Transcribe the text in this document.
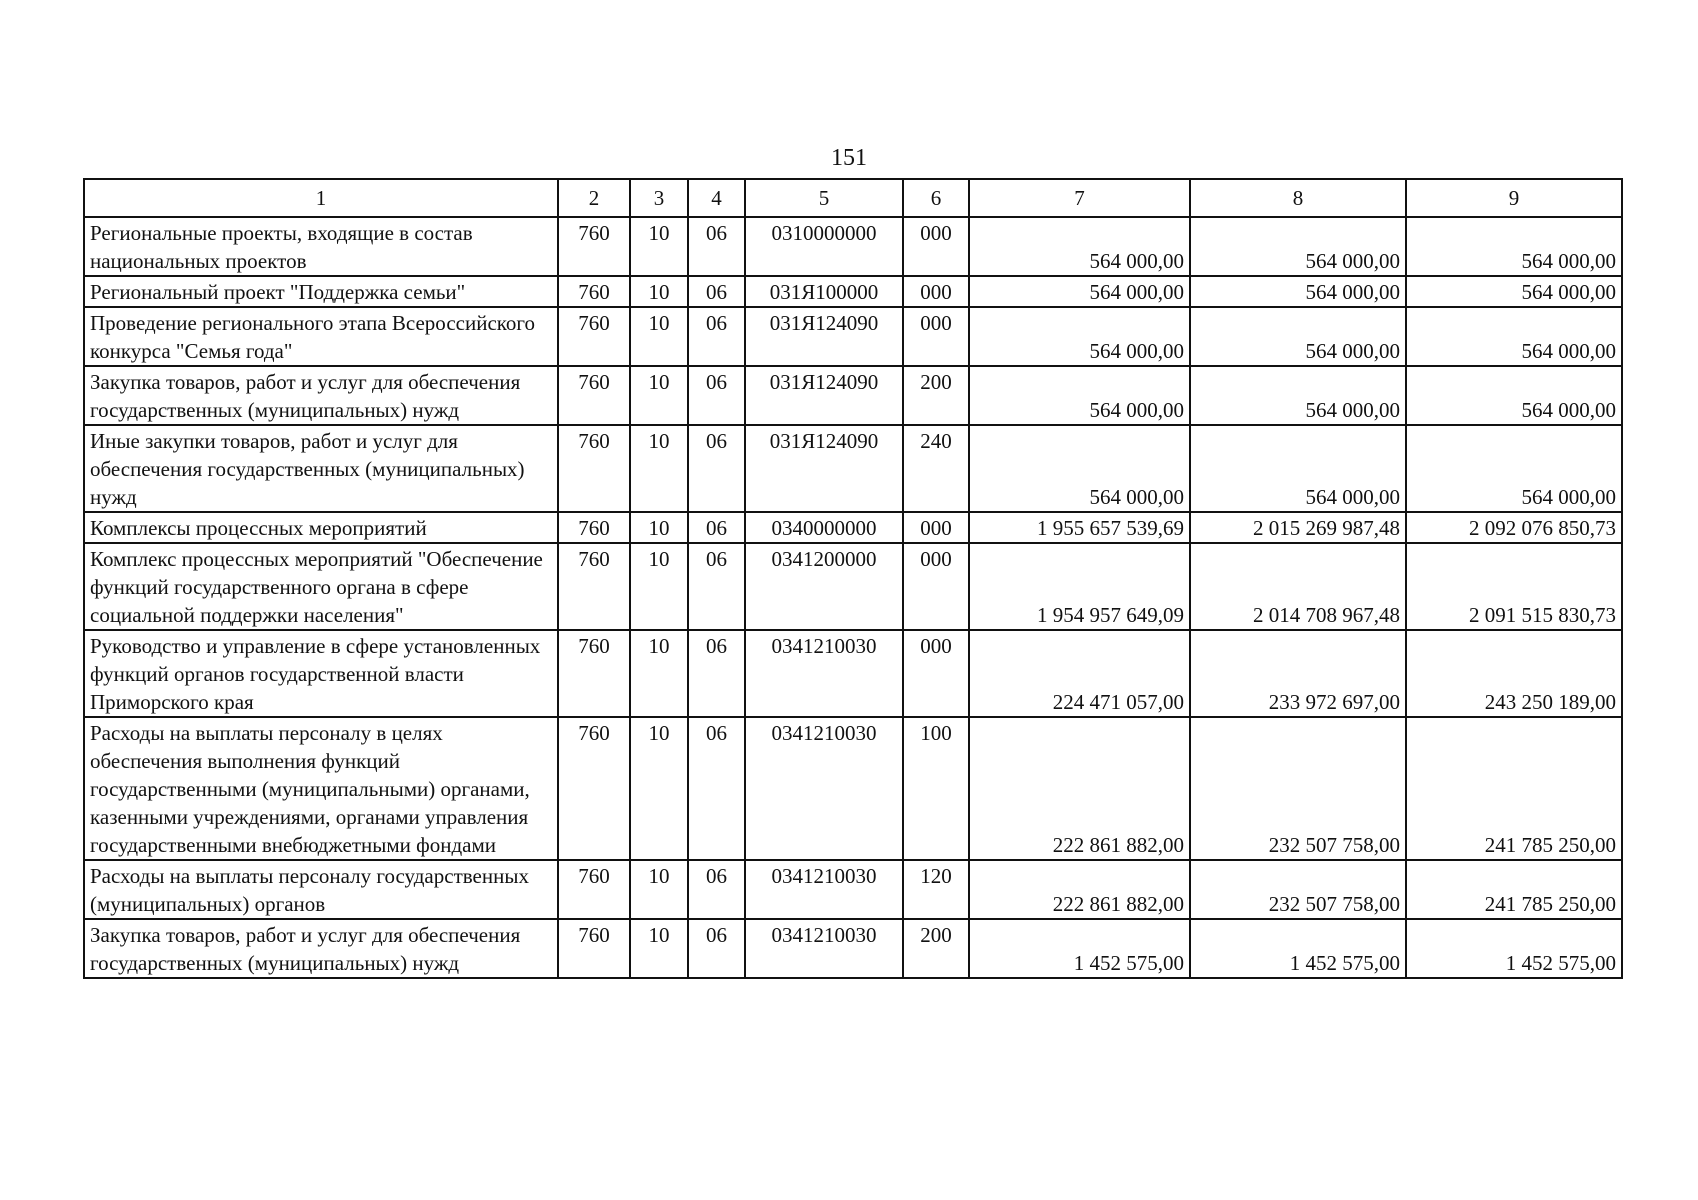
151
1	2	3	4	5	6	7	8	9
Региональные проекты, входящие в состав национальных проектов	760	10	06	0310000000	000	564 000,00	564 000,00	564 000,00
Региональный проект "Поддержка семьи"	760	10	06	031Я100000	000	564 000,00	564 000,00	564 000,00
Проведение регионального этапа Всероссийского конкурса "Семья года"	760	10	06	031Я124090	000	564 000,00	564 000,00	564 000,00
Закупка товаров, работ и услуг для обеспечения государственных (муниципальных) нужд	760	10	06	031Я124090	200	564 000,00	564 000,00	564 000,00
Иные закупки товаров, работ и услуг для обеспечения государственных (муниципальных) нужд	760	10	06	031Я124090	240	564 000,00	564 000,00	564 000,00
Комплексы процессных мероприятий	760	10	06	0340000000	000	1 955 657 539,69	2 015 269 987,48	2 092 076 850,73
Комплекс процессных мероприятий "Обеспечение функций государственного органа в сфере социальной поддержки населения"	760	10	06	0341200000	000	1 954 957 649,09	2 014 708 967,48	2 091 515 830,73
Руководство и управление в сфере установленных функций органов государственной власти Приморского края	760	10	06	0341210030	000	224 471 057,00	233 972 697,00	243 250 189,00
Расходы на выплаты персоналу в целях обеспечения выполнения функций государственными (муниципальными) органами, казенными учреждениями, органами управления государственными внебюджетными фондами	760	10	06	0341210030	100	222 861 882,00	232 507 758,00	241 785 250,00
Расходы на выплаты персоналу государственных (муниципальных) органов	760	10	06	0341210030	120	222 861 882,00	232 507 758,00	241 785 250,00
Закупка товаров, работ и услуг для обеспечения государственных (муниципальных) нужд	760	10	06	0341210030	200	1 452 575,00	1 452 575,00	1 452 575,00
